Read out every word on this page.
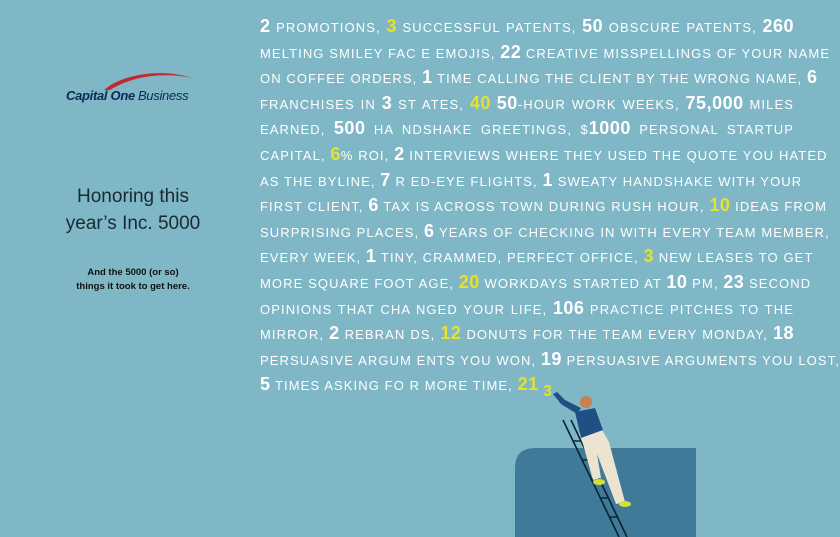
Capital One Business
Honoring this
year’s Inc. 5000
And the 5000 (or so)
things it took to get here.
2 PROMOTIONS, 3 SUCCESSFUL PATENTS, 50 OBSCURE PATENTS, 260
MELTING SMILEY FAC E EMOJIS, 22 CREATIVE MISSPELLINGS OF YOUR NAME
ON COFFEE ORDERS, 1 TIME CALLING THE CLIENT BY THE WRONG NAME, 6
FRANCHISES IN 3 ST ATES, 40 50-HOUR WORK WEEKS, 75,000 MILES
EARNED, 500 HA NDSHAKE GREETINGS, $1000 PERSONAL STARTUP
CAPITAL, 6% ROI, 2 INTERVIEWS WHERE THEY USED THE QUOTE YOU HATED
AS THE BYLINE, 7 R ED-EYE FLIGHTS, 1 SWEATY HANDSHAKE WITH YOUR
FIRST CLIENT, 6 TAX IS ACROSS TOWN DURING RUSH HOUR, 10 IDEAS FROM
SURPRISING PLACES, 6 YEARS OF CHECKING IN WITH EVERY TEAM MEMBER,
EVERY WEEK, 1 TINY, CRAMMED, PERFECT OFFICE, 3 NEW LEASES TO GET
MORE SQUARE FOOT AGE, 20 WORKDAYS STARTED AT 10 PM, 23 SECOND
OPINIONS THAT CHA NGED YOUR LIFE, 106 PRACTICE PITCHES TO THE
MIRROR, 2 REBRAN DS, 12 DONUTS FOR THE TEAM EVERY MONDAY, 18
PERSUASIVE ARGUM ENTS YOU WON, 19 PERSUASIVE ARGUMENTS YOU LOST,
5 TIMES ASKING FO R MORE TIME, 21 3
